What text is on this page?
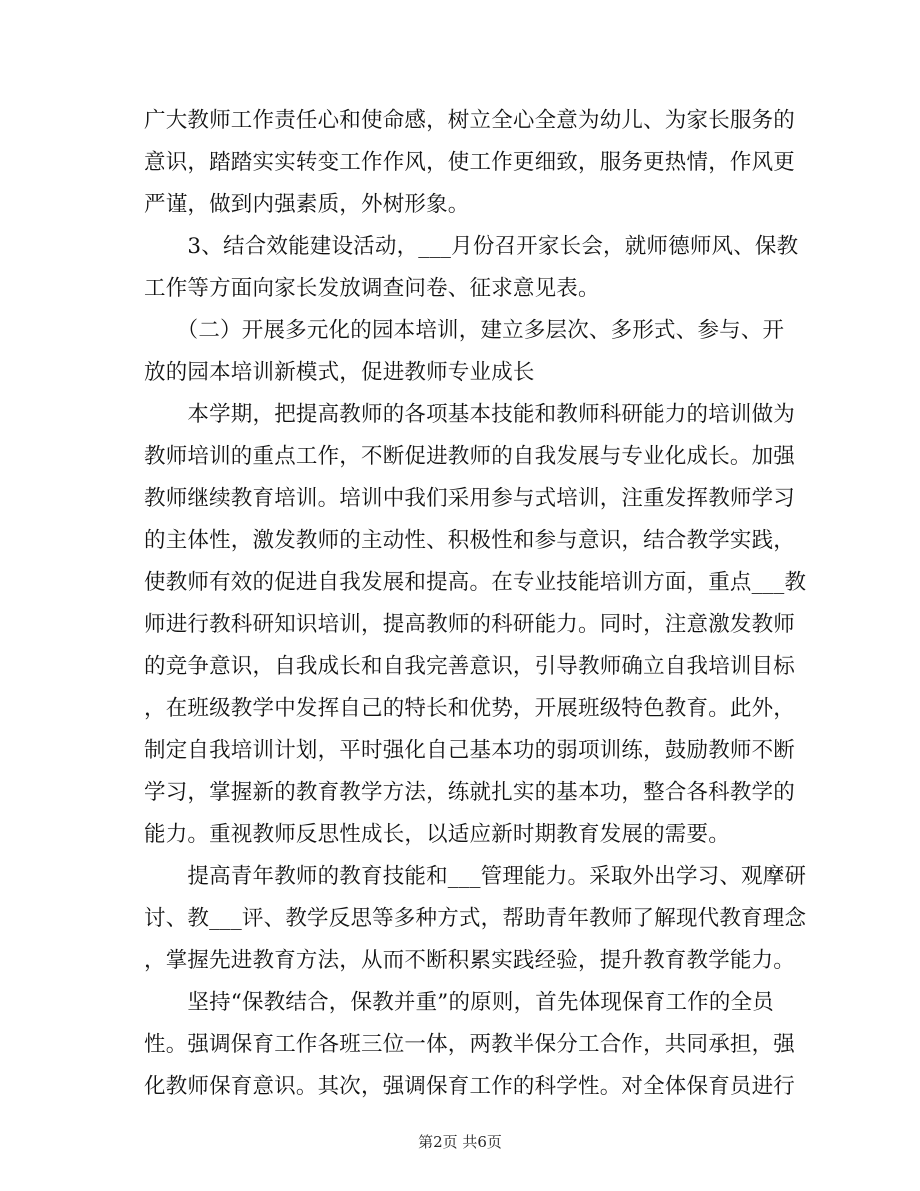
广大教师工作责任心和使命感，树立全心全意为幼儿、为家长服务的
意识，踏踏实实转变工作作风，使工作更细致，服务更热情，作风更
严谨，做到内强素质，外树形象。
　　3、结合效能建设活动，___月份召开家长会，就师德师风、保教
工作等方面向家长发放调查问卷、征求意见表。
　　（二）开展多元化的园本培训，建立多层次、多形式、参与、开
放的园本培训新模式，促进教师专业成长
　　本学期，把提高教师的各项基本技能和教师科研能力的培训做为
教师培训的重点工作，不断促进教师的自我发展与专业化成长。加强
教师继续教育培训。培训中我们采用参与式培训，注重发挥教师学习
的主体性，激发教师的主动性、积极性和参与意识，结合教学实践，
使教师有效的促进自我发展和提高。在专业技能培训方面，重点___教
师进行教科研知识培训，提高教师的科研能力。同时，注意激发教师
的竞争意识，自我成长和自我完善意识，引导教师确立自我培训目标
，在班级教学中发挥自己的特长和优势，开展班级特色教育。此外，
制定自我培训计划，平时强化自己基本功的弱项训练，鼓励教师不断
学习，掌握新的教育教学方法，练就扎实的基本功，整合各科教学的
能力。重视教师反思性成长，以适应新时期教育发展的需要。
　　提高青年教师的教育技能和___管理能力。采取外出学习、观摩研
讨、教___评、教学反思等多种方式，帮助青年教师了解现代教育理念
，掌握先进教育方法，从而不断积累实践经验，提升教育教学能力。
　　坚持“保教结合，保教并重”的原则，首先体现保育工作的全员
性。强调保育工作各班三位一体，两教半保分工合作，共同承担，强
化教师保育意识。其次，强调保育工作的科学性。对全体保育员进行
第2页 共6页
